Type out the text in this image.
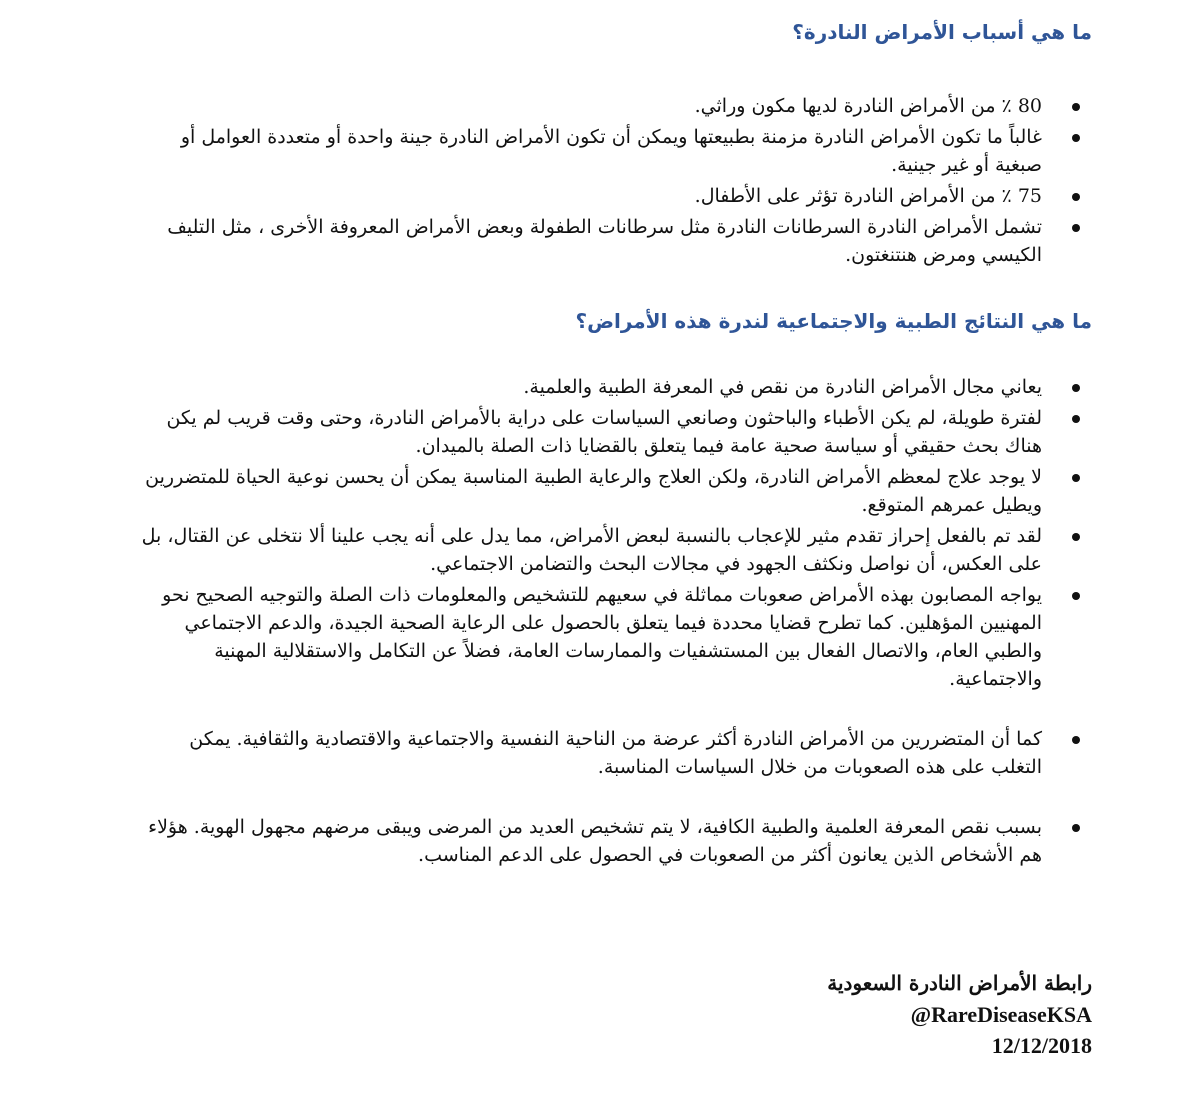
ما هي أسباب الأمراض النادرة؟
80 ٪ من الأمراض النادرة لديها مكون وراثي.
غالباً ما تكون الأمراض النادرة مزمنة بطبيعتها ويمكن أن تكون الأمراض النادرة جينة واحدة أو متعددة العوامل أو صبغية أو غير جينية.
75 ٪ من الأمراض النادرة تؤثر على الأطفال.
تشمل الأمراض النادرة السرطانات النادرة مثل سرطانات الطفولة وبعض الأمراض المعروفة الأخرى ، مثل التليف الكيسي ومرض هنتنغتون.
ما هي النتائج الطبية والاجتماعية لندرة هذه الأمراض؟
يعاني مجال الأمراض النادرة من نقص في المعرفة الطبية والعلمية.
لفترة طويلة، لم يكن الأطباء والباحثون وصانعي السياسات على دراية بالأمراض النادرة، وحتى وقت قريب لم يكن هناك بحث حقيقي أو سياسة صحية عامة فيما يتعلق بالقضايا ذات الصلة بالميدان.
لا يوجد علاج لمعظم الأمراض النادرة، ولكن العلاج والرعاية الطبية المناسبة يمكن أن يحسن نوعية الحياة للمتضررين ويطيل عمرهم المتوقع.
لقد تم بالفعل إحراز تقدم مثير للإعجاب بالنسبة لبعض الأمراض، مما يدل على أنه يجب علينا ألا نتخلى عن القتال، بل على العكس، أن نواصل ونكثف الجهود في مجالات البحث والتضامن الاجتماعي.
يواجه المصابون بهذه الأمراض صعوبات مماثلة في سعيهم للتشخيص والمعلومات ذات الصلة والتوجيه الصحيح نحو المهنيين المؤهلين. كما تطرح قضايا محددة فيما يتعلق بالحصول على الرعاية الصحية الجيدة، والدعم الاجتماعي والطبي العام، والاتصال الفعال بين المستشفيات والممارسات العامة، فضلاً عن التكامل والاستقلالية المهنية والاجتماعية.
كما أن المتضررين من الأمراض النادرة أكثر عرضة من الناحية النفسية والاجتماعية والاقتصادية والثقافية. يمكن التغلب على هذه الصعوبات من خلال السياسات المناسبة.
بسبب نقص المعرفة العلمية والطبية الكافية، لا يتم تشخيص العديد من المرضى ويبقى مرضهم مجهول الهوية. هؤلاء هم الأشخاص الذين يعانون أكثر من الصعوبات في الحصول على الدعم المناسب.
رابطة الأمراض النادرة السعودية
@RareDiseaseKSA
12/12/2018
